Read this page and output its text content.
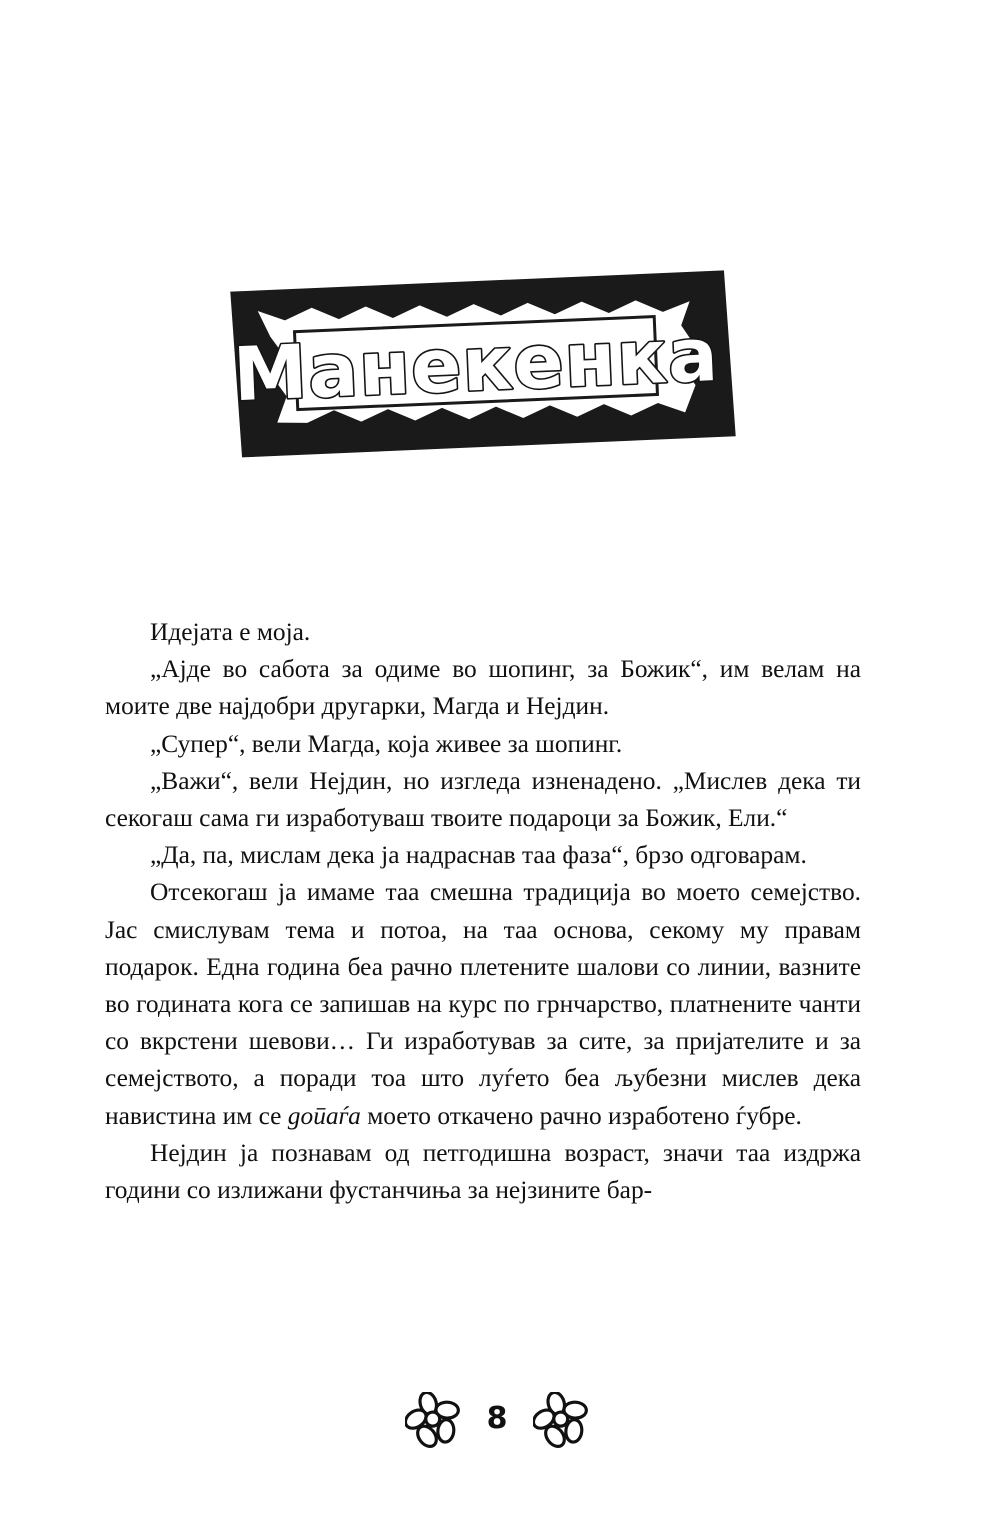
Манекенка

Идејата е моја.

„Ајде во сабота за одиме во шопинг, за Божик“, им велам на моите две најдобри другарки, Магда и Нејдин.

„Супер“, вели Магда, која живее за шопинг.

„Важи“, вели Нејдин, но изгледа изненадено. „Мислев дека ти секогаш сама ги изработуваш твоите подароци за Божик, Ели.“

„Да, па, мислам дека ја надраснав таа фаза“, брзо одговарам.

Отсекогаш ја имаме таа смешна традиција во моето семејство. Јас смислувам тема и потоа, на таа основа, секому му правам подарок. Една година беа рачно плетените шалови со линии, вазните во годината кога се запишав на курс по грнчарство, платнените чанти со вкрстени шевови… Ги изработував за сите, за пријателите и за семејството, а поради тоа што луѓето беа љубезни мислев дека навистина им се допаѓа моето откачено рачно изработено ѓубре.

Нејдин ја познавам од петгодишна возраст, значи таа издржа години со излижани фустанчиња за нејзините бар-

8
